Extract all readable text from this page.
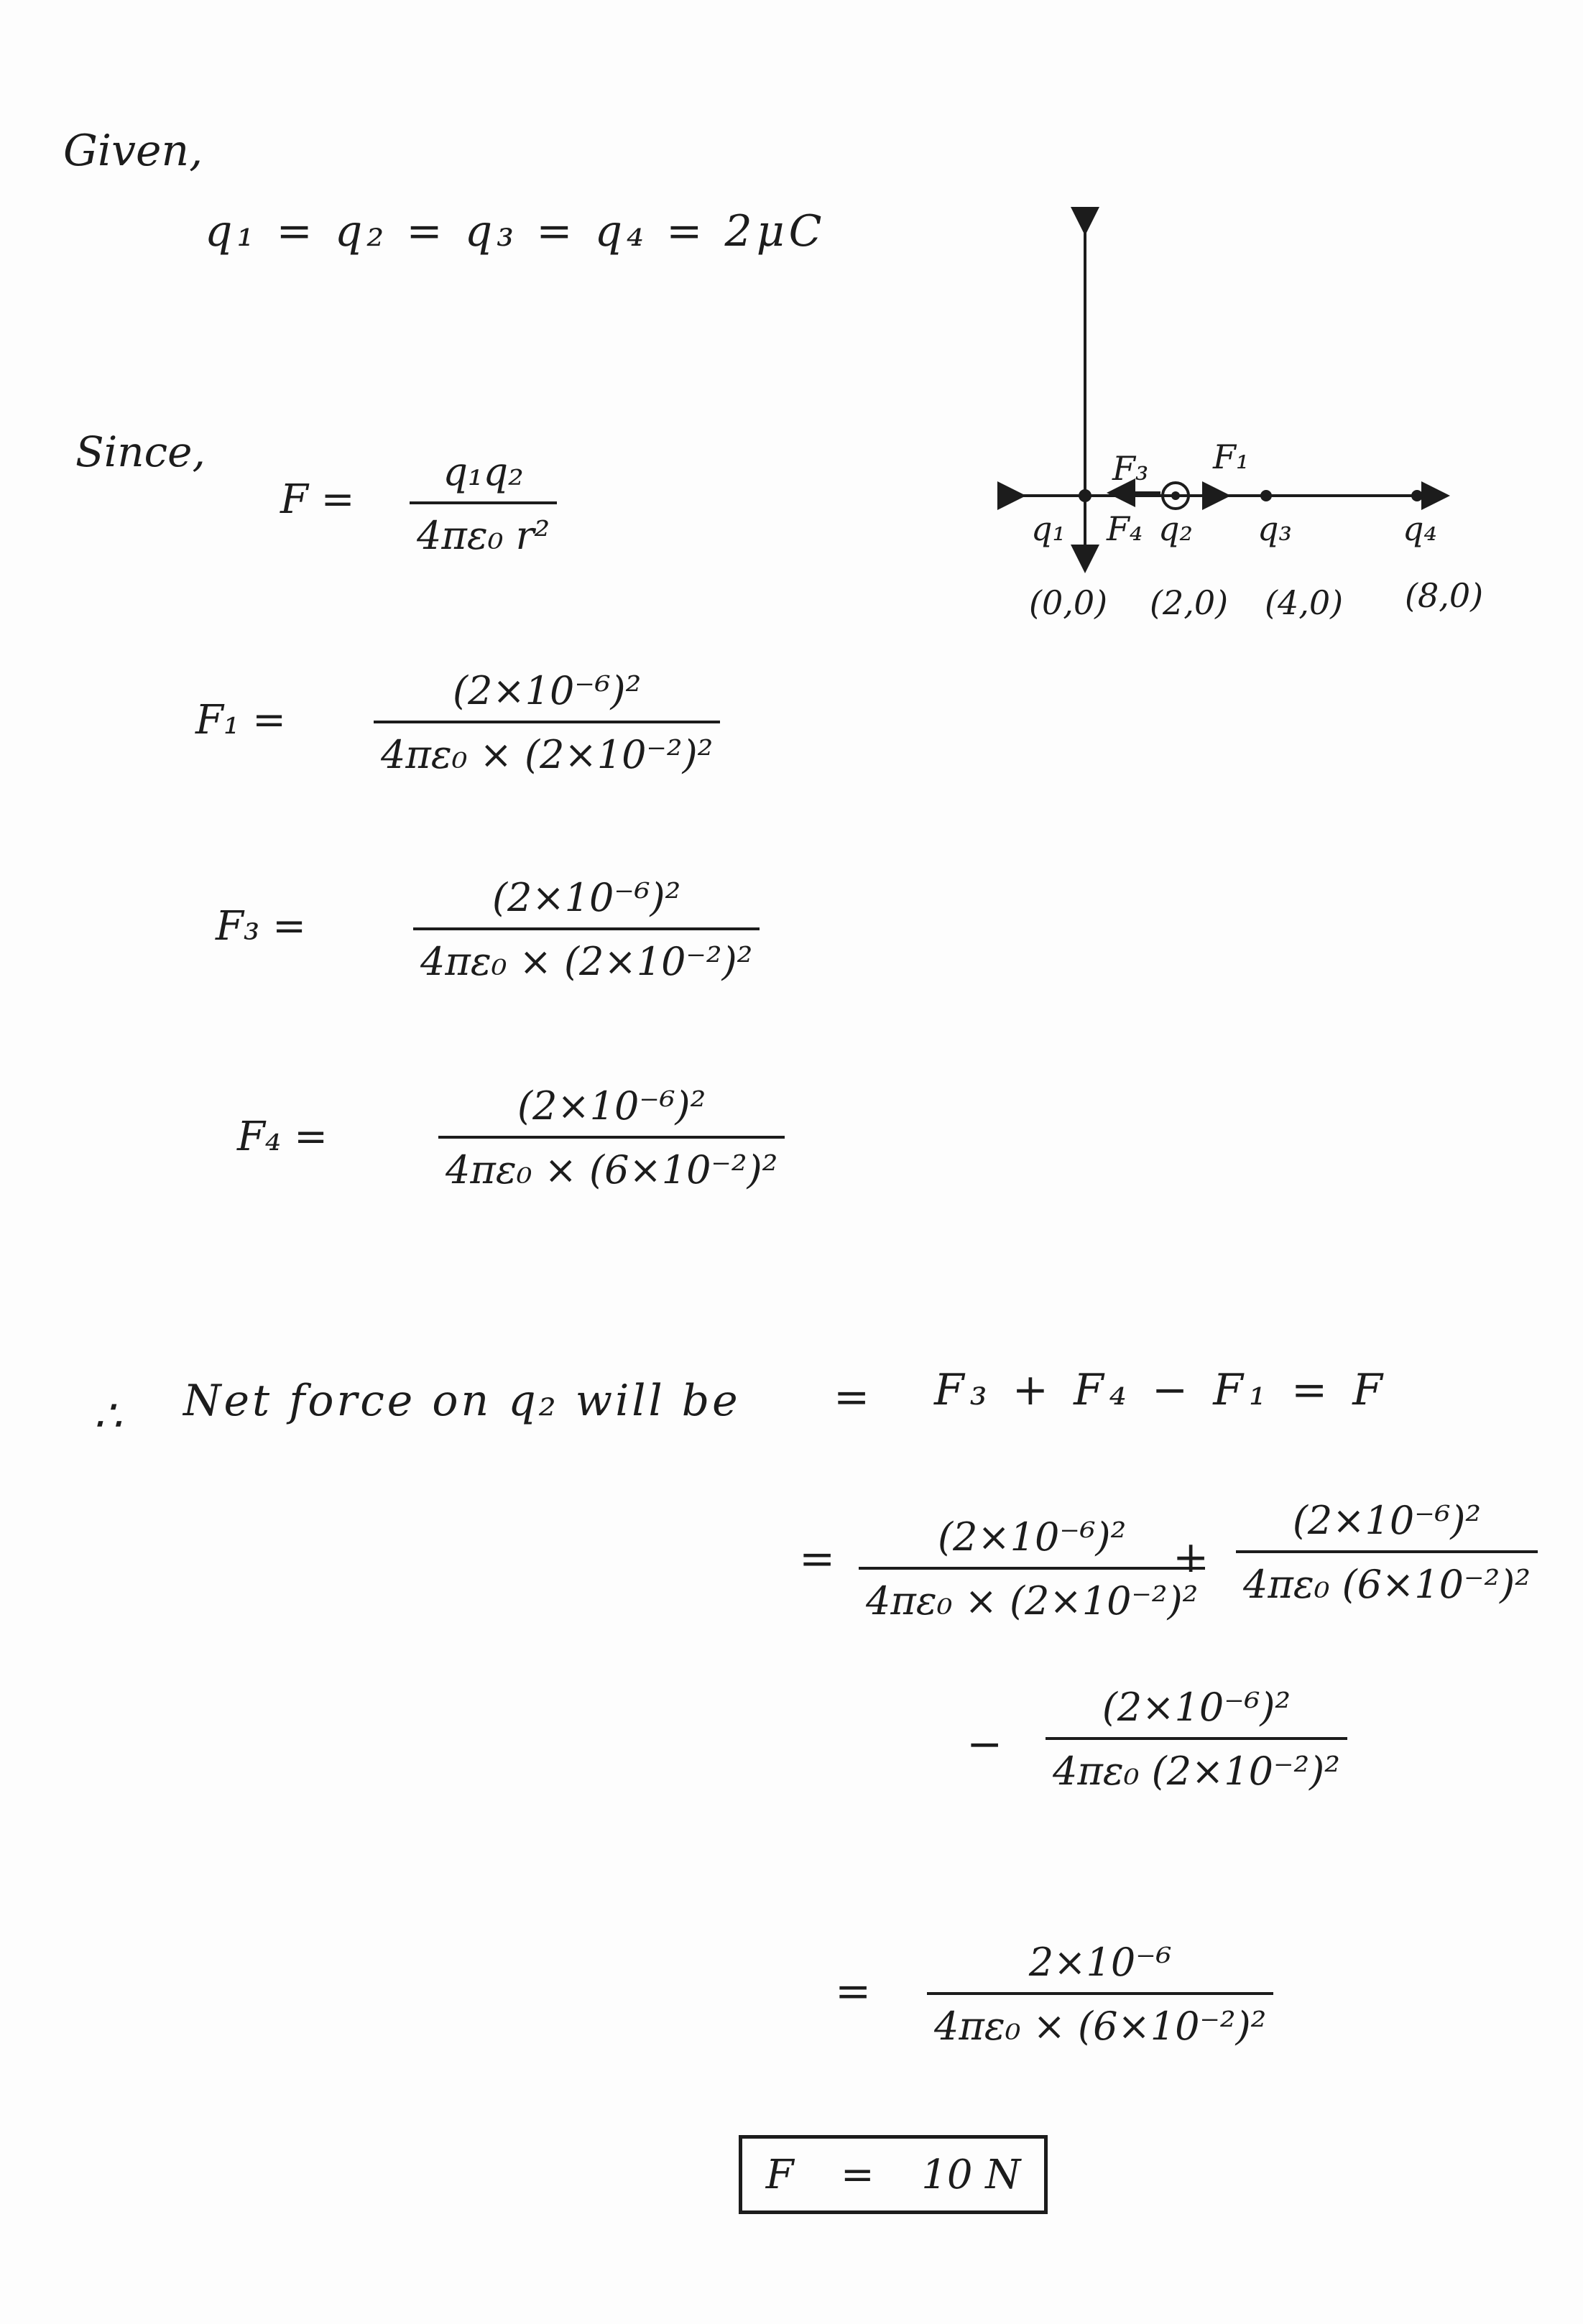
Given,
q₁ = q₂ = q₃ = q₄ = 2μC
Since,
F =
q₁q₂
4πε₀ r²
F₁ =
(2×10⁻⁶)²
4πε₀ × (2×10⁻²)²
F₃ =
(2×10⁻⁶)²
4πε₀ × (2×10⁻²)²
F₄ =
(2×10⁻⁶)²
4πε₀ × (6×10⁻²)²
∴ Net force on q₂ will be = F₃ + F₄ − F₁ = F
=	(2×10⁻⁶)²
4πε₀ × (2×10⁻²)²
+
(2×10⁻⁶)²
4πε₀ (6×10⁻²)²
−
(2×10⁻⁶)²
4πε₀ (2×10⁻²)²
=
2×10⁻⁶
4πε₀ × (6×10⁻²)²
F = 10 N
F₃ F₁
F₄
q₁	q₂ q₃	q₄
(0,0) (2,0) (4,0) (8,0)
